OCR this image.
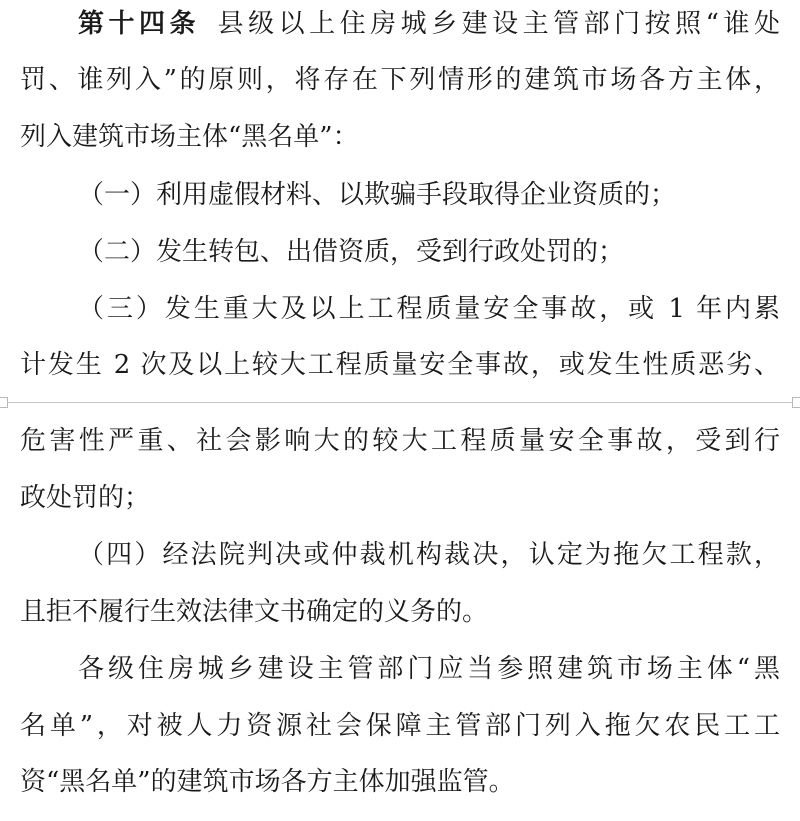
第十四条  县级以上住房城乡建设主管部门按照“谁处
罚、谁列入”的原则，将存在下列情形的建筑市场各方主体，
列入建筑市场主体“黑名单”：
（一）利用虚假材料、以欺骗手段取得企业资质的；
（二）发生转包、出借资质，受到行政处罚的；
（三）发生重大及以上工程质量安全事故，或 1 年内累
计发生 2 次及以上较大工程质量安全事故，或发生性质恶劣、
危害性严重、社会影响大的较大工程质量安全事故，受到行
政处罚的；
（四）经法院判决或仲裁机构裁决，认定为拖欠工程款，
且拒不履行生效法律文书确定的义务的。
各级住房城乡建设主管部门应当参照建筑市场主体“黑
名单”，对被人力资源社会保障主管部门列入拖欠农民工工
资“黑名单”的建筑市场各方主体加强监管。
